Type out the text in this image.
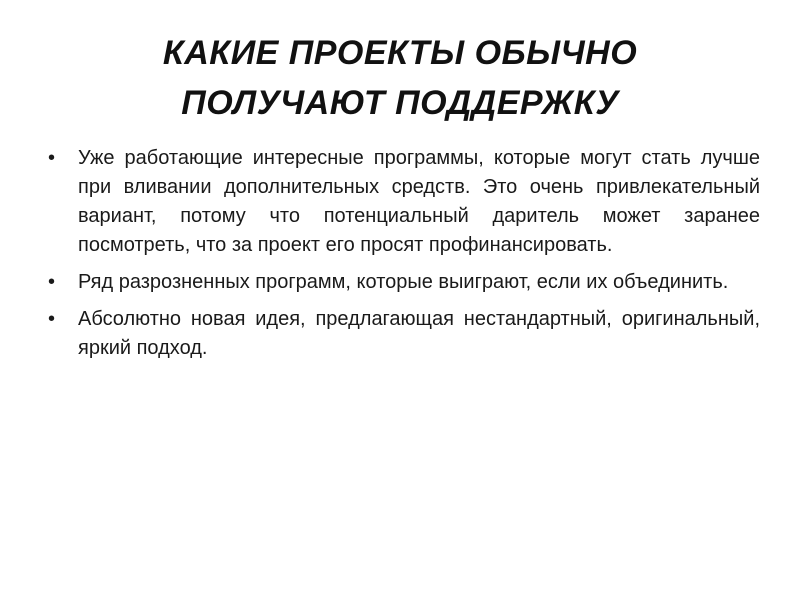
КАКИЕ ПРОЕКТЫ ОБЫЧНО
ПОЛУЧАЮТ ПОДДЕРЖКУ
•	Уже работающие интересные программы, которые могут стать лучше при вливании дополнительных средств. Это очень привлекательный вариант, потому что потенциальный даритель может заранее посмотреть, что за проект его просят профинансировать.
•	Ряд разрозненных программ, которые выиграют, если их объединить.
•	Абсолютно новая идея, предлагающая нестандартный, оригинальный, яркий подход.
